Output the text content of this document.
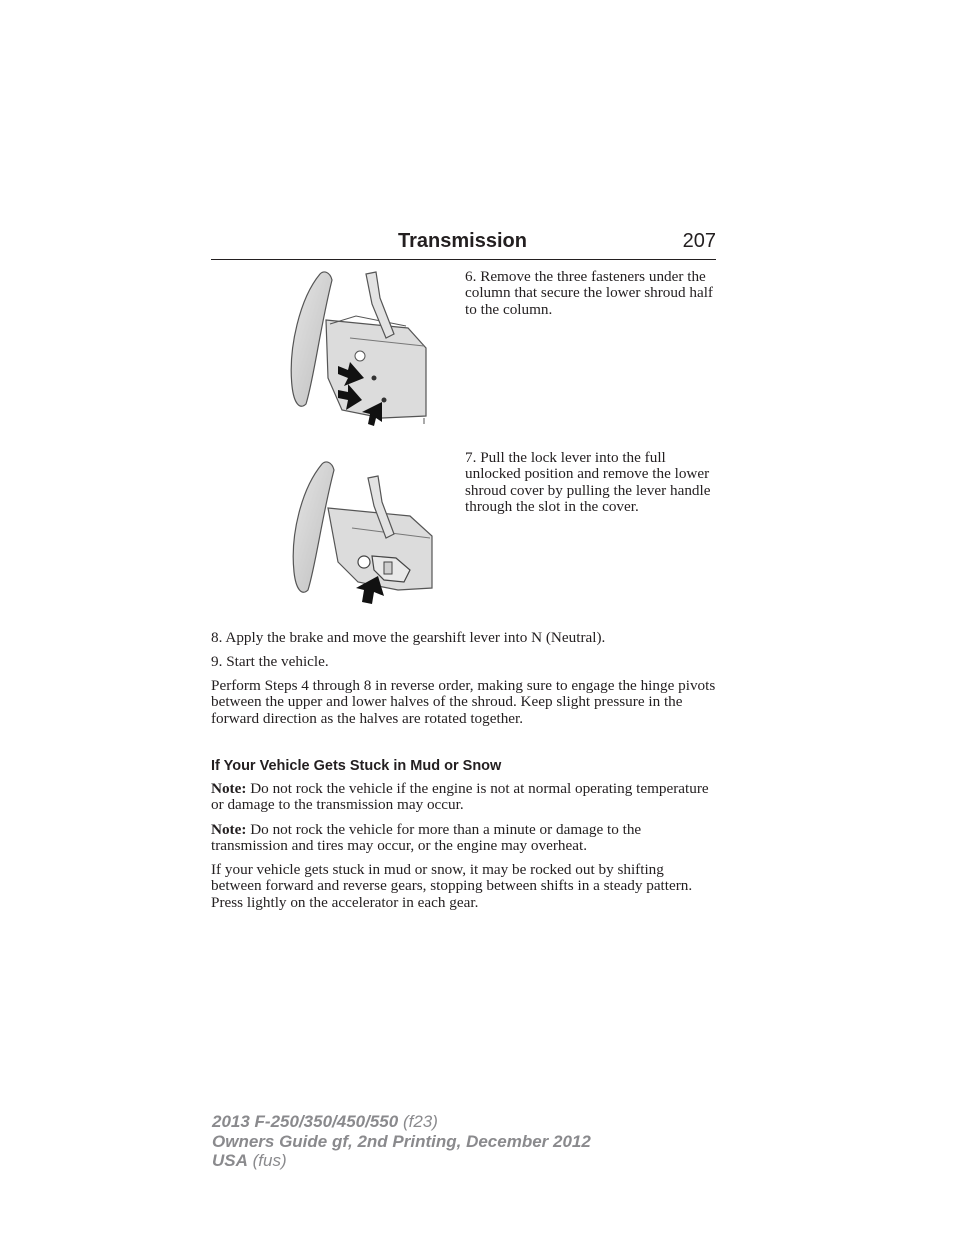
Transmission	207
6. Remove the three fasteners under the column that secure the lower shroud half to the column.
7. Pull the lock lever into the full unlocked position and remove the lower shroud cover by pulling the lever handle through the slot in the cover.

8. Apply the brake and move the gearshift lever into N (Neutral).

9. Start the vehicle.

Perform Steps 4 through 8 in reverse order, making sure to engage the hinge pivots between the upper and lower halves of the shroud. Keep slight pressure in the forward direction as the halves are rotated together.

If Your Vehicle Gets Stuck in Mud or Snow

Note: Do not rock the vehicle if the engine is not at normal operating temperature or damage to the transmission may occur.

Note: Do not rock the vehicle for more than a minute or damage to the transmission and tires may occur, or the engine may overheat.

If your vehicle gets stuck in mud or snow, it may be rocked out by shifting between forward and reverse gears, stopping between shifts in a steady pattern. Press lightly on the accelerator in each gear.

2013 F-250/350/450/550 (f23)
Owners Guide gf, 2nd Printing, December 2012
USA (fus)
